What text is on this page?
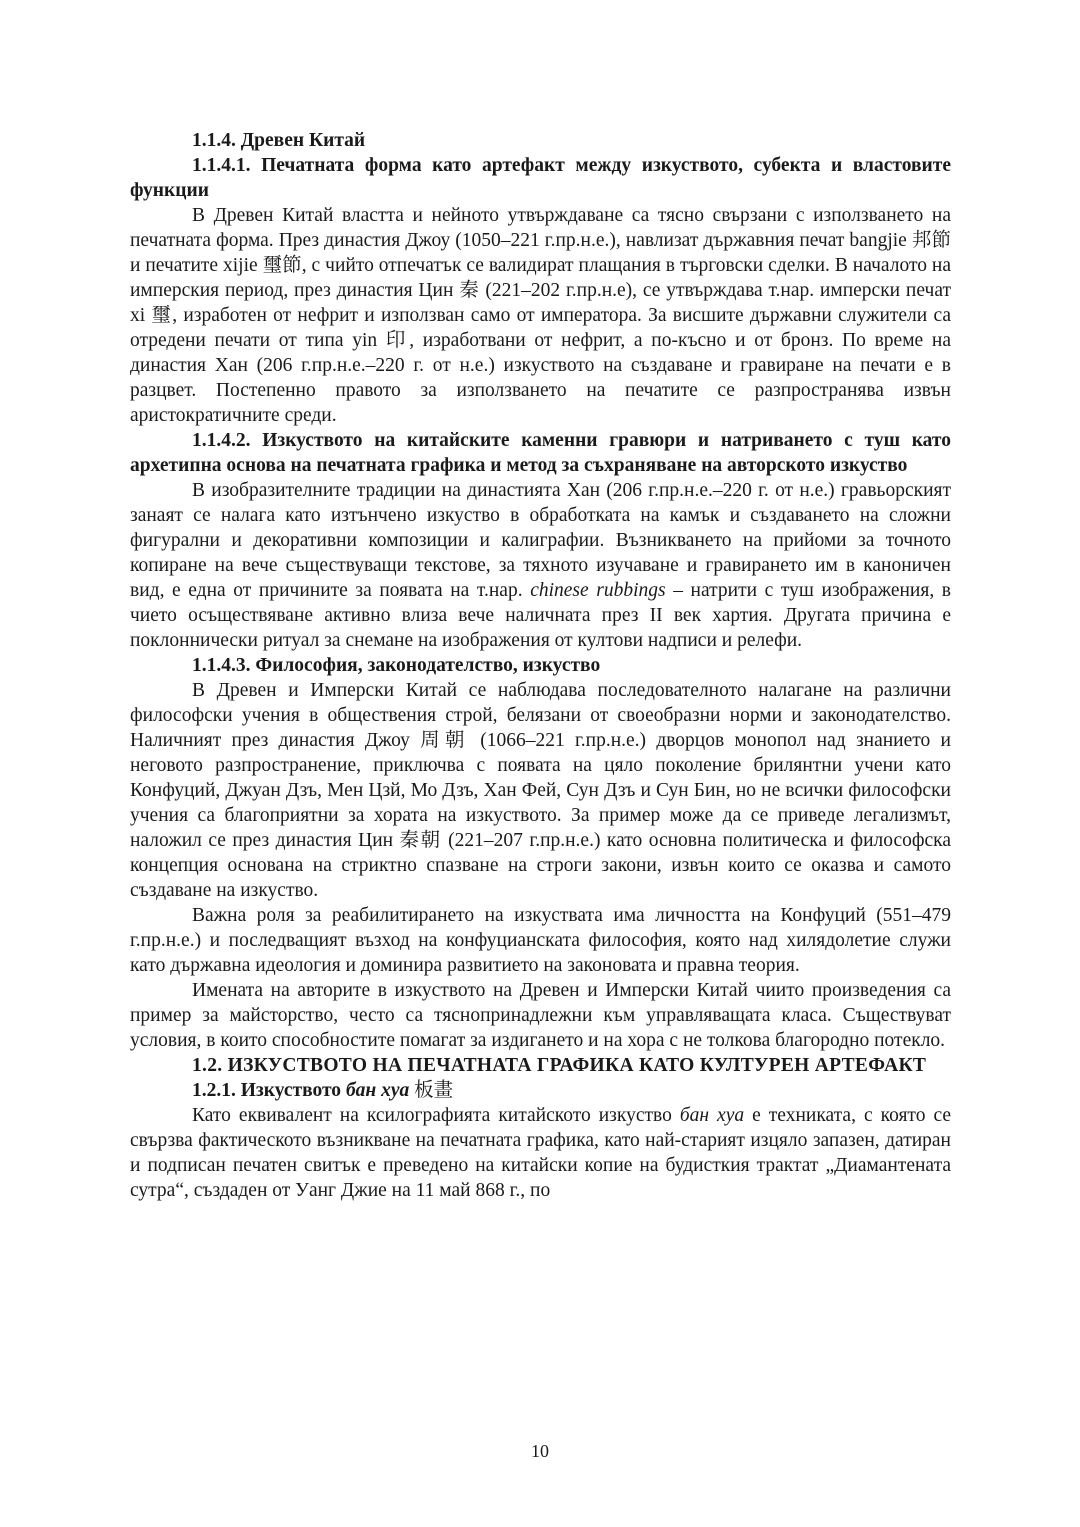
1.1.4. Древен Китай

1.1.4.1. Печатната форма като артефакт между изкуството, субекта и властовите функции

В Древен Китай властта и нейното утвърждаване са тясно свързани с използването на печатната форма. През династия Джоу (1050–221 г.пр.н.е.), навлизат държавния печат bangjie 邦節 и печатите xijie 璽節, с чийто отпечатък се валидират плащания в търговски сделки. В началото на имперския период, през династия Цин 秦 (221–202 г.пр.н.е), се утвърждава т.нар. имперски печат xi 璽, изработен от нефрит и използван само от императора. За висшите държавни служители са отредени печати от типа yin 印, изработвани от нефрит, а по-късно и от бронз. По време на династия Хан (206 г.пр.н.е.–220 г. от н.е.) изкуството на създаване и гравиране на печати е в разцвет. Постепенно правото за използването на печатите се разпространява извън аристократичните среди.

1.1.4.2. Изкуството на китайските каменни гравюри и натриването с туш като архетипна основа на печатната графика и метод за съхраняване на авторското изкуство

В изобразителните традиции на династията Хан (206 г.пр.н.е.–220 г. от н.е.) гравьорският занаят се налага като изтънчено изкуство в обработката на камък и създаването на сложни фигурални и декоративни композиции и калиграфии. Възникването на прийоми за точното копиране на вече съществуващи текстове, за тяхното изучаване и гравирането им в каноничен вид, е една от причините за появата на т.нар. chinese rubbings – натрити с туш изображения, в чието осъществяване активно влиза вече наличната през II век хартия. Другата причина е поклоннически ритуал за снемане на изображения от култови надписи и релефи.

1.1.4.3. Философия, законодателство, изкуство

В Древен и Имперски Китай се наблюдава последователното налагане на различни философски учения в обществения строй, белязани от своеобразни норми и законодателство. Наличният през династия Джоу 周朝 (1066–221 г.пр.н.е.) дворцов монопол над знанието и неговото разпространение, приключва с появата на цяло поколение брилянтни учени като Конфуций, Джуан Дзъ, Мен Цзй, Мо Дзъ, Хан Фей, Сун Дзъ и Сун Бин, но не всички философски учения са благоприятни за хората на изкуството. За пример може да се приведе легализмът, наложил се през династия Цин 秦朝 (221–207 г.пр.н.е.) като основна политическа и философска концепция основана на стриктно спазване на строги закони, извън които се оказва и самото създаване на изкуство.

Важна роля за реабилитирането на изкуствата има личността на Конфуций (551–479 г.пр.н.е.) и последващият възход на конфуцианската философия, която над хилядолетие служи като държавна идеология и доминира развитието на законовата и правна теория.

Имената на авторите в изкуството на Древен и Имперски Китай чиито произведения са пример за майсторство, често са тяснопринадлежни към управляващата класа. Съществуват условия, в които способностите помагат за издигането и на хора с не толкова благородно потекло.

1.2. ИЗКУСТВОТО НА ПЕЧАТНАТА ГРАФИКА КАТО КУЛТУРЕН АРТЕФАКТ

1.2.1. Изкуството бан хуа 板畫

Като еквивалент на ксилографията китайското изкуство бан хуа е техниката, с която се свързва фактическото възникване на печатната графика, като най-старият изцяло запазен, датиран и подписан печатен свитък е преведено на китайски копие на будисткия трактат „Диамантената сутра“, създаден от Уанг Джие на 11 май 868 г., по

10
